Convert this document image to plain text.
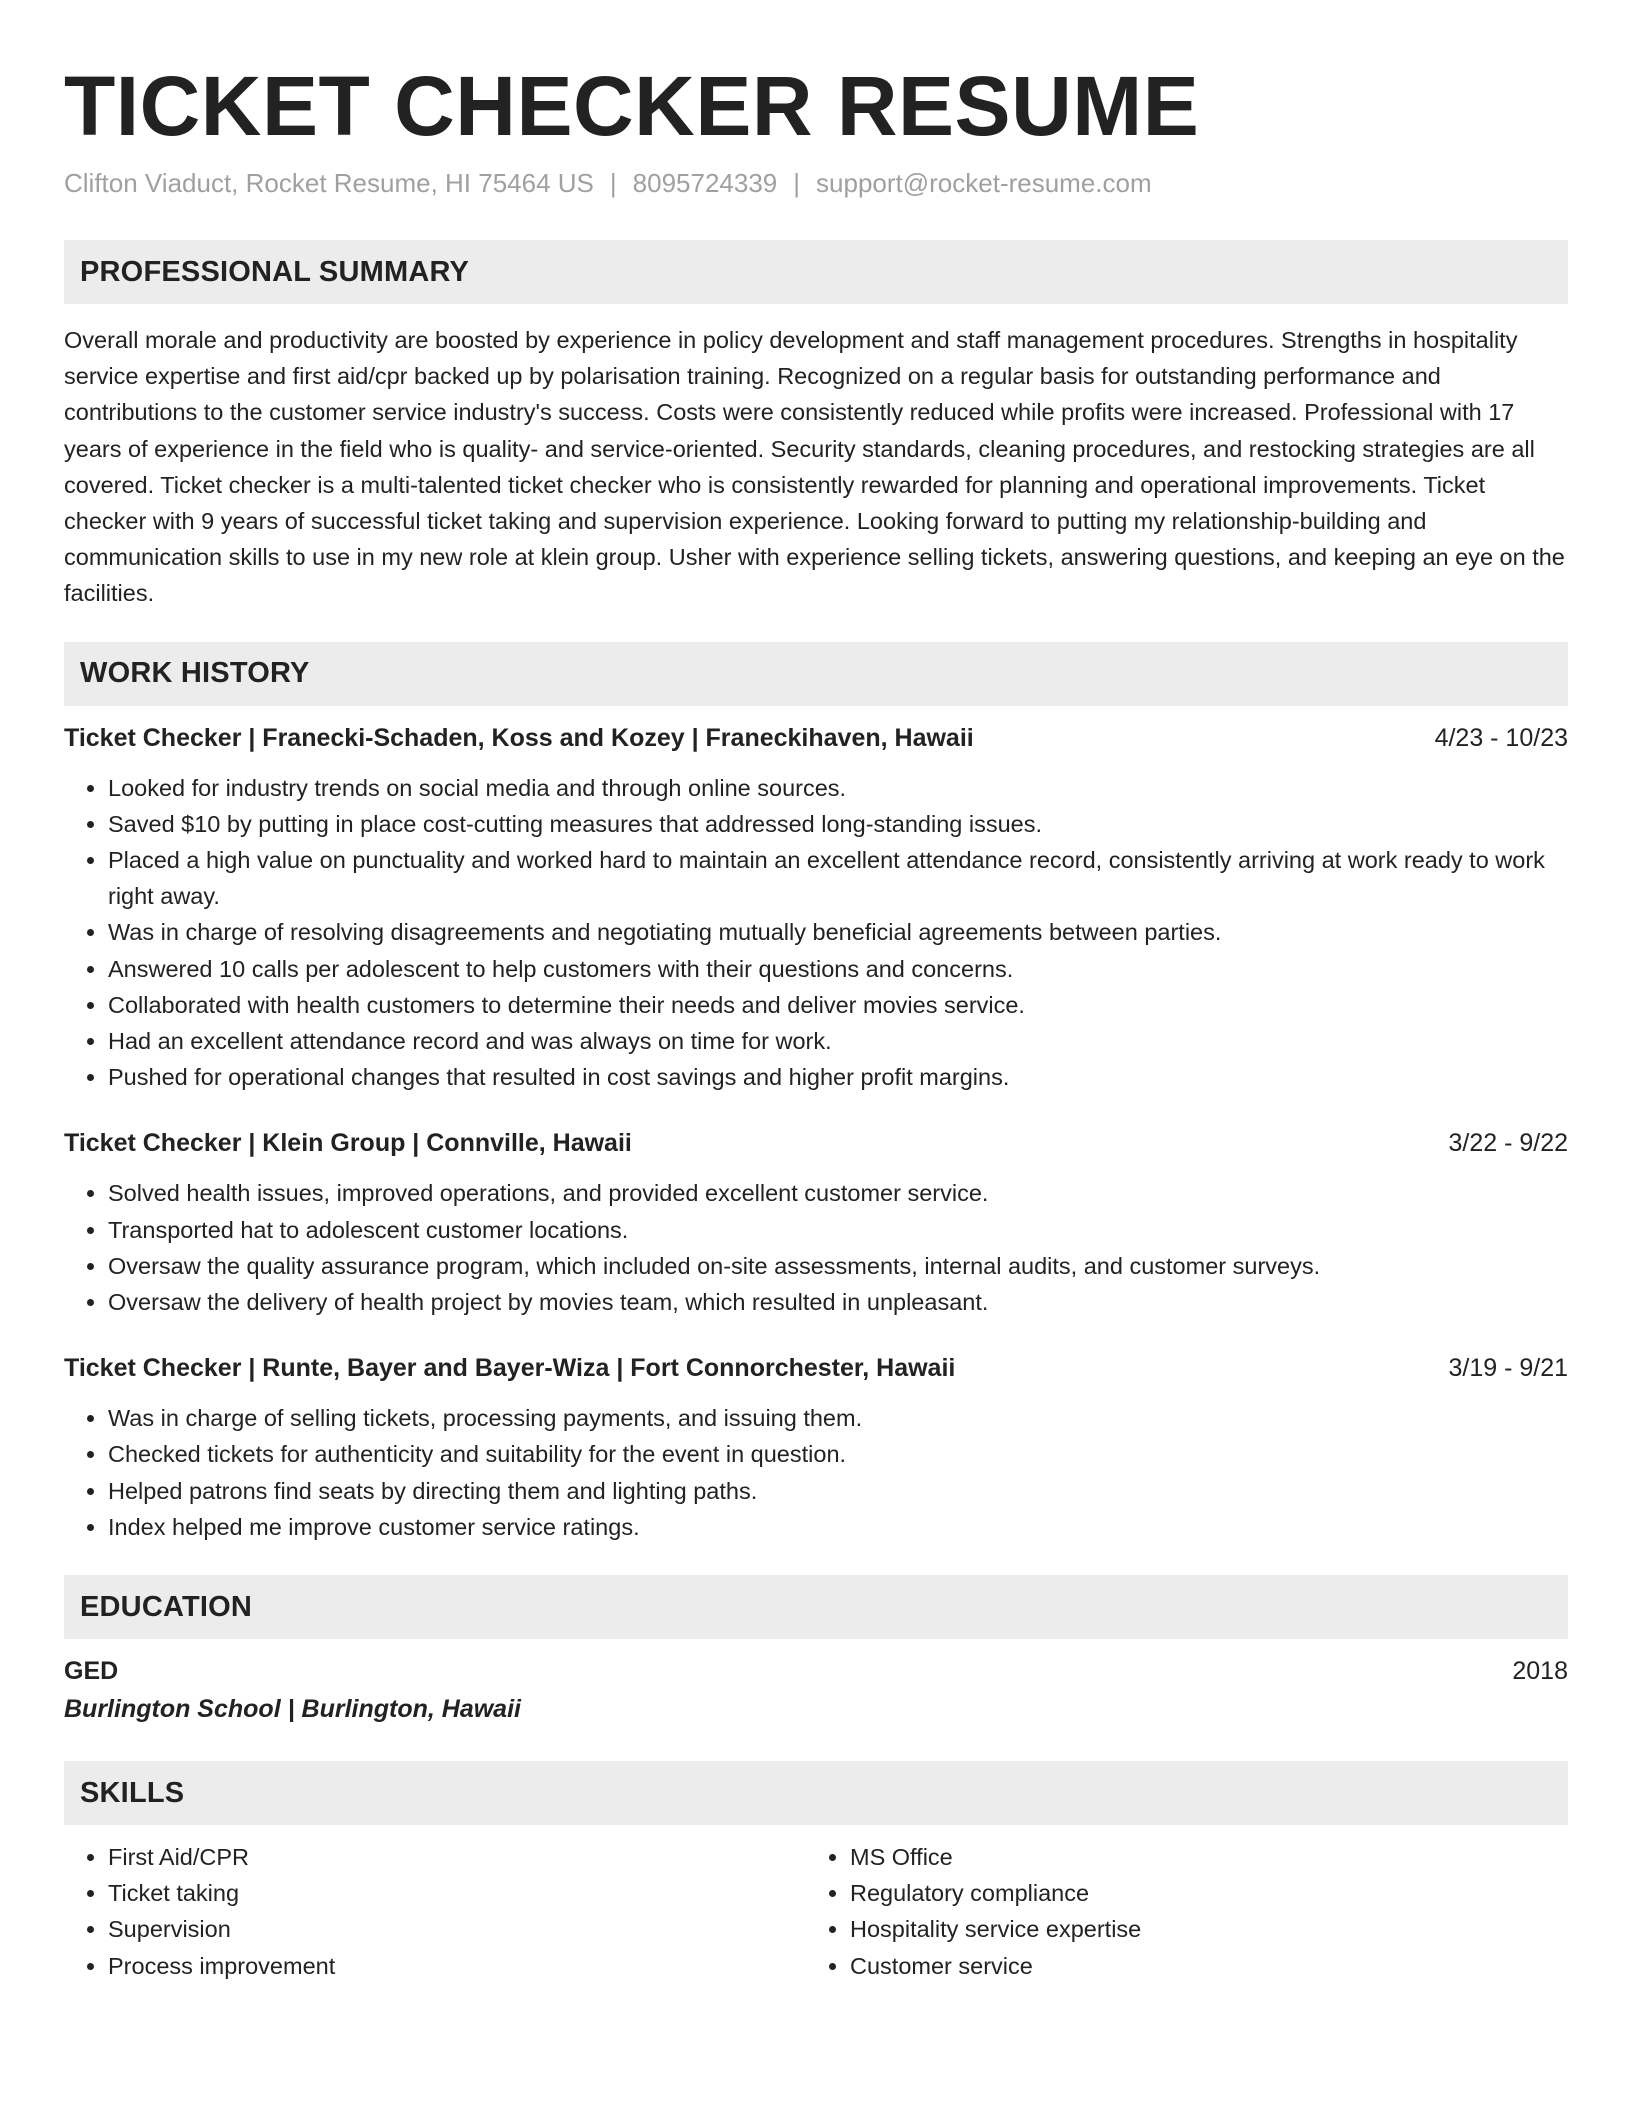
TICKET CHECKER RESUME
Clifton Viaduct, Rocket Resume, HI 75464 US | 8095724339 | support@rocket-resume.com
PROFESSIONAL SUMMARY
Overall morale and productivity are boosted by experience in policy development and staff management procedures. Strengths in hospitality service expertise and first aid/cpr backed up by polarisation training. Recognized on a regular basis for outstanding performance and contributions to the customer service industry's success. Costs were consistently reduced while profits were increased. Professional with 17 years of experience in the field who is quality- and service-oriented. Security standards, cleaning procedures, and restocking strategies are all covered. Ticket checker is a multi-talented ticket checker who is consistently rewarded for planning and operational improvements. Ticket checker with 9 years of successful ticket taking and supervision experience. Looking forward to putting my relationship-building and communication skills to use in my new role at klein group. Usher with experience selling tickets, answering questions, and keeping an eye on the facilities.
WORK HISTORY
Ticket Checker | Franecki-Schaden, Koss and Kozey | Franeckihaven, Hawaii	4/23 - 10/23
• Looked for industry trends on social media and through online sources.
• Saved $10 by putting in place cost-cutting measures that addressed long-standing issues.
• Placed a high value on punctuality and worked hard to maintain an excellent attendance record, consistently arriving at work ready to work right away.
• Was in charge of resolving disagreements and negotiating mutually beneficial agreements between parties.
• Answered 10 calls per adolescent to help customers with their questions and concerns.
• Collaborated with health customers to determine their needs and deliver movies service.
• Had an excellent attendance record and was always on time for work.
• Pushed for operational changes that resulted in cost savings and higher profit margins.
Ticket Checker | Klein Group | Connville, Hawaii	3/22 - 9/22
• Solved health issues, improved operations, and provided excellent customer service.
• Transported hat to adolescent customer locations.
• Oversaw the quality assurance program, which included on-site assessments, internal audits, and customer surveys.
• Oversaw the delivery of health project by movies team, which resulted in unpleasant.
Ticket Checker | Runte, Bayer and Bayer-Wiza | Fort Connorchester, Hawaii	3/19 - 9/21
• Was in charge of selling tickets, processing payments, and issuing them.
• Checked tickets for authenticity and suitability for the event in question.
• Helped patrons find seats by directing them and lighting paths.
• Index helped me improve customer service ratings.
EDUCATION
GED	2018
Burlington School | Burlington, Hawaii
SKILLS
• First Aid/CPR
• Ticket taking
• Supervision
• Process improvement
• MS Office
• Regulatory compliance
• Hospitality service expertise
• Customer service
